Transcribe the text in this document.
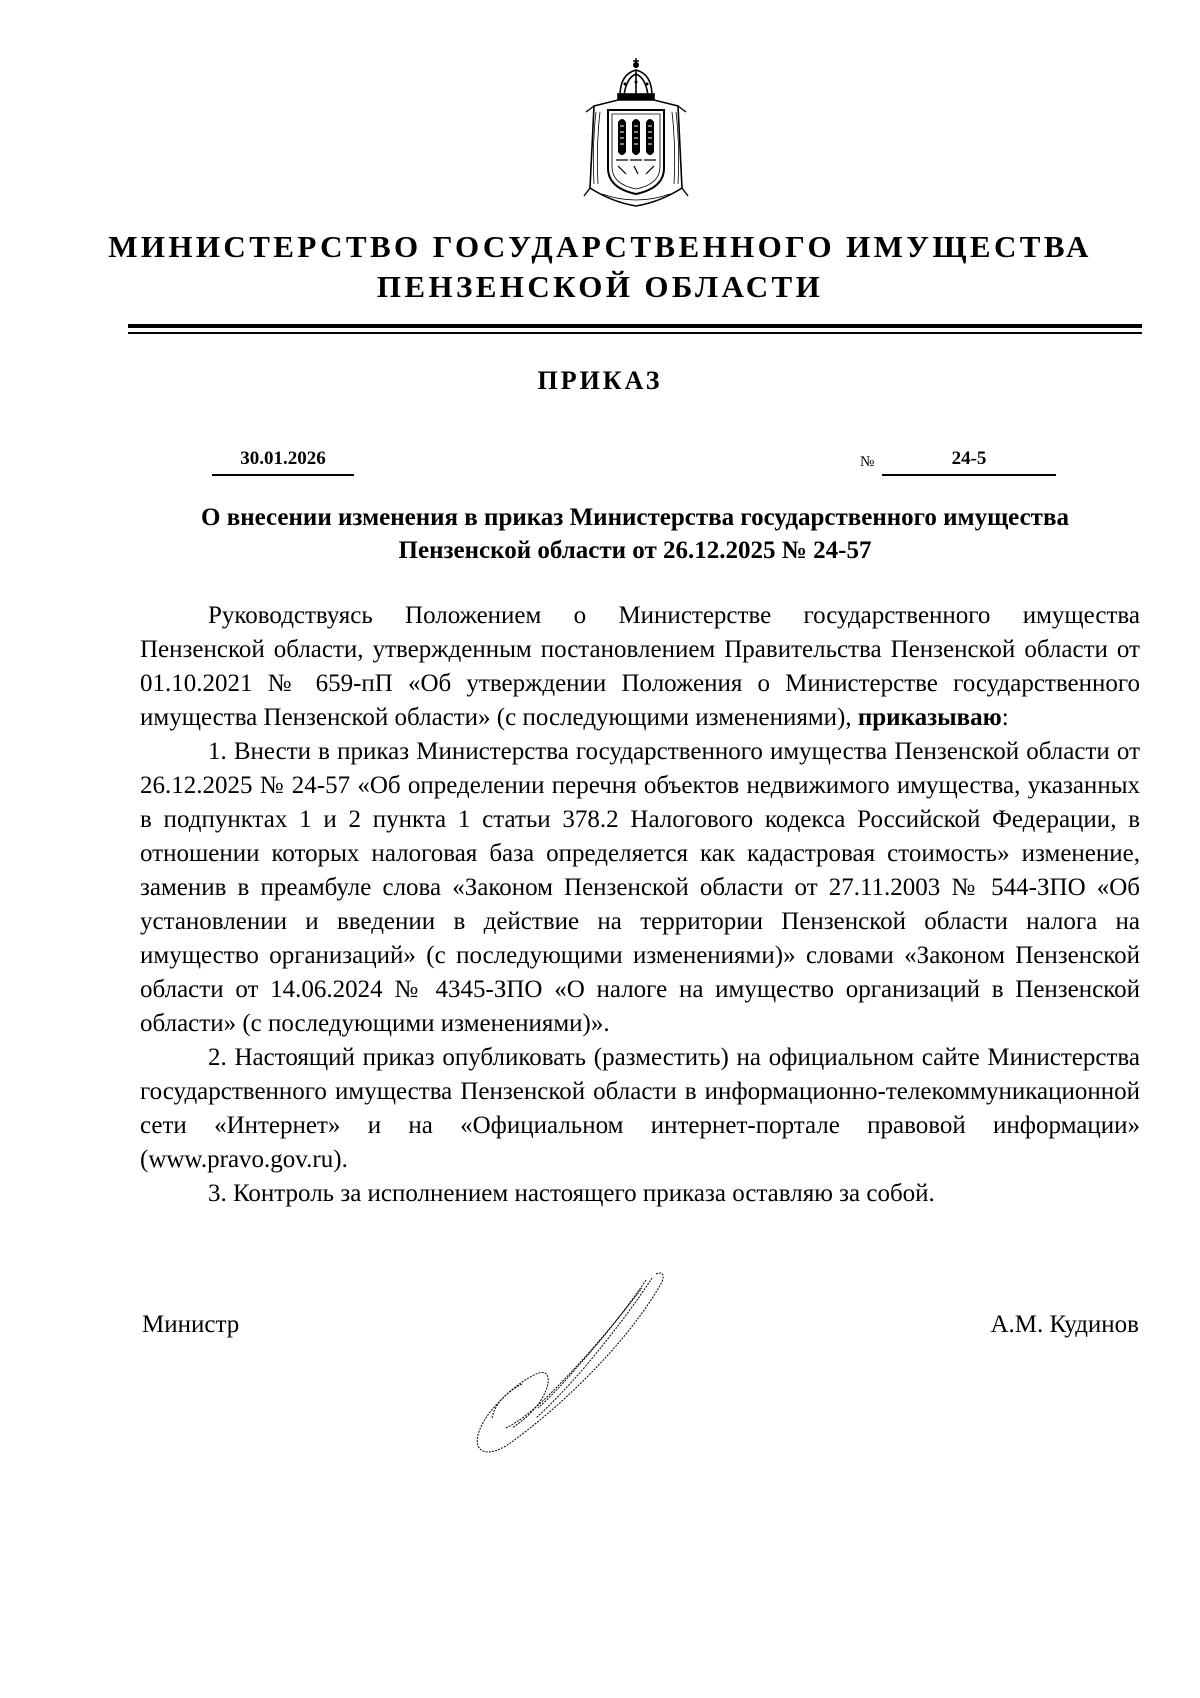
МИНИСТЕРСТВО ГОСУДАРСТВЕННОГО ИМУЩЕСТВА
ПЕНЗЕНСКОЙ ОБЛАСТИ
ПРИКАЗ
30.01.2026	№	24-5
О внесении изменения в приказ Министерства государственного имущества
Пензенской области от 26.12.2025 № 24-57

Руководствуясь Положением о Министерстве государственного имущества Пензенской области, утвержденным постановлением Правительства Пензенской области от 01.10.2021 № 659-пП «Об утверждении Положения о Министерстве государственного имущества Пензенской области» (с последующими изменениями), приказываю:

1. Внести в приказ Министерства государственного имущества Пензенской области от 26.12.2025 № 24-57 «Об определении перечня объектов недвижимого имущества, указанных в подпунктах 1 и 2 пункта 1 статьи 378.2 Налогового кодекса Российской Федерации, в отношении которых налоговая база определяется как кадастровая стоимость» изменение, заменив в преамбуле слова «Законом Пензенской области от 27.11.2003 № 544-ЗПО «Об установлении и введении в действие на территории Пензенской области налога на имущество организаций» (с последующими изменениями)» словами «Законом Пензенской области от 14.06.2024 № 4345-ЗПО «О налоге на имущество организаций в Пензенской области» (с последующими изменениями)».

2. Настоящий приказ опубликовать (разместить) на официальном сайте Министерства государственного имущества Пензенской области в информационно-телекоммуникационной сети «Интернет» и на «Официальном интернет-портале правовой информации» (www.pravo.gov.ru).

3. Контроль за исполнением настоящего приказа оставляю за собой.

Министр	А.М. Кудинов
